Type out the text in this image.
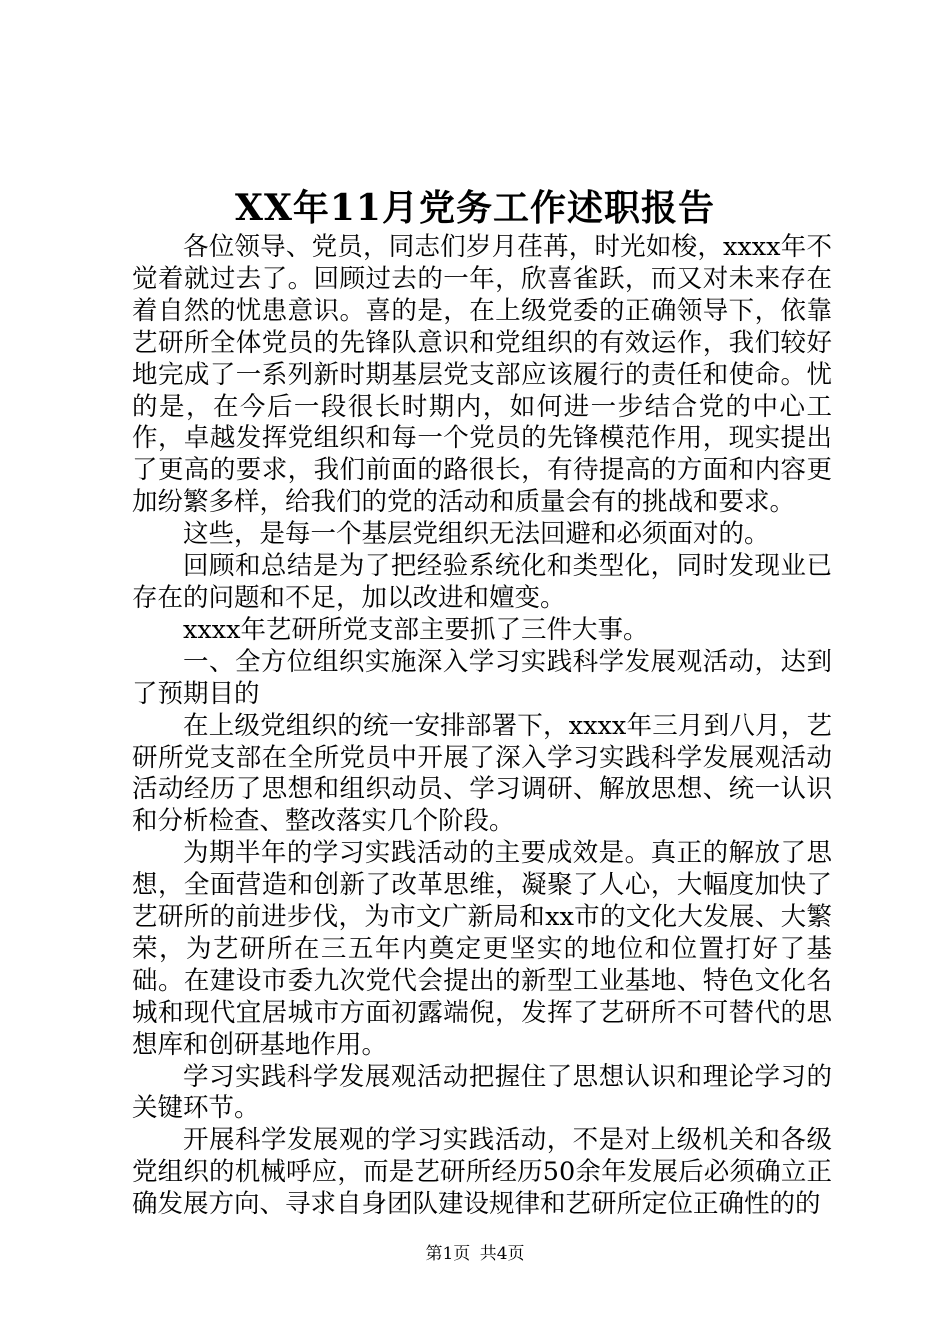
XX年11月党务工作述职报告

各位领导、党员，同志们岁月荏苒，时光如梭，xxxx年不觉着就过去了。回顾过去的一年，欣喜雀跃，而又对未来存在着自然的忧患意识。喜的是，在上级党委的正确领导下，依靠艺研所全体党员的先锋队意识和党组织的有效运作，我们较好地完成了一系列新时期基层党支部应该履行的责任和使命。忧的是，在今后一段很长时期内，如何进一步结合党的中心工作，卓越发挥党组织和每一个党员的先锋模范作用，现实提出了更高的要求，我们前面的路很长，有待提高的方面和内容更加纷繁多样，给我们的党的活动和质量会有的挑战和要求。

这些，是每一个基层党组织无法回避和必须面对的。

回顾和总结是为了把经验系统化和类型化，同时发现业已存在的问题和不足，加以改进和嬗变。

xxxx年艺研所党支部主要抓了三件大事。

一、全方位组织实施深入学习实践科学发展观活动，达到了预期目的

在上级党组织的统一安排部署下，xxxx年三月到八月，艺研所党支部在全所党员中开展了深入学习实践科学发展观活动活动经历了思想和组织动员、学习调研、解放思想、统一认识和分析检查、整改落实几个阶段。

为期半年的学习实践活动的主要成效是。真正的解放了思想，全面营造和创新了改革思维，凝聚了人心，大幅度加快了艺研所的前进步伐，为市文广新局和xx市的文化大发展、大繁荣，为艺研所在三五年内奠定更坚实的地位和位置打好了基础。在建设市委九次党代会提出的新型工业基地、特色文化名城和现代宜居城市方面初露端倪，发挥了艺研所不可替代的思想库和创研基地作用。

学习实践科学发展观活动把握住了思想认识和理论学习的关键环节。

开展科学发展观的学习实践活动，不是对上级机关和各级党组织的机械呼应，而是艺研所经历50余年发展后必须确立正确发展方向、寻求自身团队建设规律和艺研所定位正确性的的

第1页 共4页
